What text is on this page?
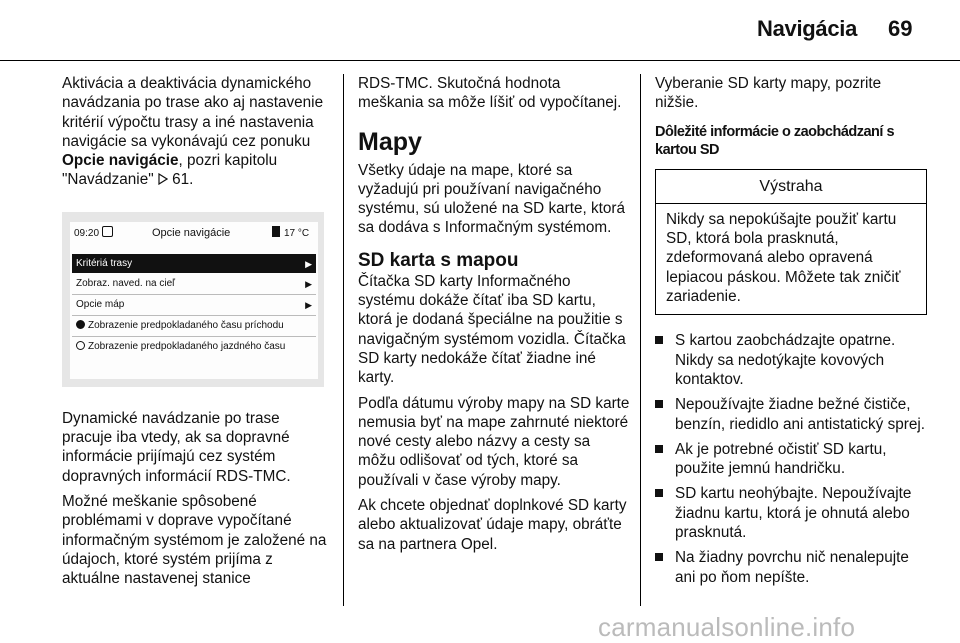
Navigácia 69

Aktivácia a deaktivácia dynamického navádzania po trase ako aj nastavenie kritérií výpočtu trasy a iné nastavenia navigácie sa vykonávajú cez ponuku Opcie navigácie, pozri kapitolu "Navádzanie"  61.

09:20	Opcie navigácie	17 °C
Kritériá trasy	▶
Zobraz. naved. na cieľ	▶
Opcie máp	▶
Zobrazenie predpokladaného času príchodu
Zobrazenie predpokladaného jazdného času

Dynamické navádzanie po trase pracuje iba vtedy, ak sa dopravné informácie prijímajú cez systém dopravných informácií RDS-TMC.

Možné meškanie spôsobené problémami v doprave vypočítané informačným systémom je založené na údajoch, ktoré systém prijíma z aktuálne nastavenej stanice

RDS-TMC. Skutočná hodnota meškania sa môže líšiť od vypočítanej.

Mapy

Všetky údaje na mape, ktoré sa vyžadujú pri používaní navigačného systému, sú uložené na SD karte, ktorá sa dodáva s Informačným systémom.

SD karta s mapou

Čítačka SD karty Informačného systému dokáže čítať iba SD kartu, ktorá je dodaná špeciálne na použitie s navigačným systémom vozidla. Čítačka SD karty nedokáže čítať žiadne iné karty.

Podľa dátumu výroby mapy na SD karte nemusia byť na mape zahrnuté niektoré nové cesty alebo názvy a cesty sa môžu odlišovať od tých, ktoré sa používali v čase výroby mapy.

Ak chcete objednať doplnkové SD karty alebo aktualizovať údaje mapy, obráťte sa na partnera Opel.

Vyberanie SD karty mapy, pozrite nižšie.

Dôležité informácie o zaobchádzaní s kartou SD
Výstraha
Nikdy sa nepokúšajte použiť kartu SD, ktorá bola prasknutá, zdeformovaná alebo opravená lepiacou páskou. Môžete tak zničiť zariadenie.
S kartou zaobchádzajte opatrne. Nikdy sa nedotýkajte kovových kontaktov.
Nepoužívajte žiadne bežné čističe, benzín, riedidlo ani antistatický sprej.
Ak je potrebné očistiť SD kartu, použite jemnú handričku.
SD kartu neohýbajte. Nepoužívajte žiadnu kartu, ktorá je ohnutá alebo prasknutá.
Na žiadny povrchu nič nenalepujte ani po ňom nepíšte.
carmanualsonline.info
